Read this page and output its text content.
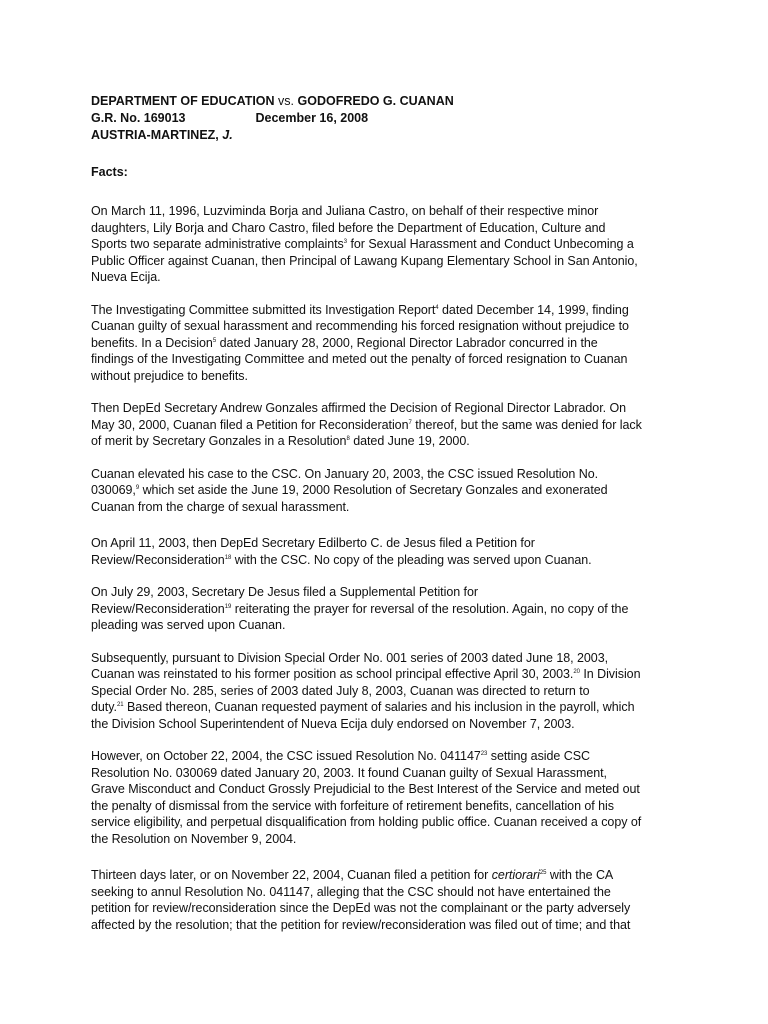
DEPARTMENT OF EDUCATION vs. GODOFREDO G. CUANAN
G.R. No. 169013	December 16, 2008
AUSTRIA-MARTINEZ, J.
Facts:

On March 11, 1996, Luzviminda Borja and Juliana Castro, on behalf of their respective minor
daughters, Lily Borja and Charo Castro, filed before the Department of Education, Culture and
Sports two separate administrative complaints$^3$ for Sexual Harassment and Conduct Unbecoming a
Public Officer against Cuanan, then Principal of Lawang Kupang Elementary School in San Antonio,
Nueva Ecija.

The Investigating Committee submitted its Investigation Report$^4$ dated December 14, 1999, finding
Cuanan guilty of sexual harassment and recommending his forced resignation without prejudice to
benefits. In a Decision$^5$ dated January 28, 2000, Regional Director Labrador concurred in the
findings of the Investigating Committee and meted out the penalty of forced resignation to Cuanan
without prejudice to benefits.

Then DepEd Secretary Andrew Gonzales affirmed the Decision of Regional Director Labrador. On
May 30, 2000, Cuanan filed a Petition for Reconsideration$^7$ thereof, but the same was denied for lack
of merit by Secretary Gonzales in a Resolution$^8$ dated June 19, 2000.

Cuanan elevated his case to the CSC. On January 20, 2003, the CSC issued Resolution No.
030069,$^9$ which set aside the June 19, 2000 Resolution of Secretary Gonzales and exonerated
Cuanan from the charge of sexual harassment.

On April 11, 2003, then DepEd Secretary Edilberto C. de Jesus filed a Petition for
Review/Reconsideration$^{18}$ with the CSC. No copy of the pleading was served upon Cuanan.

On July 29, 2003, Secretary De Jesus filed a Supplemental Petition for
Review/Reconsideration$^{19}$ reiterating the prayer for reversal of the resolution. Again, no copy of the
pleading was served upon Cuanan.

Subsequently, pursuant to Division Special Order No. 001 series of 2003 dated June 18, 2003,
Cuanan was reinstated to his former position as school principal effective April 30, 2003.20 In Division
Special Order No. 285, series of 2003 dated July 8, 2003, Cuanan was directed to return to
duty.$^{21}$ Based thereon, Cuanan requested payment of salaries and his inclusion in the payroll, which
the Division School Superintendent of Nueva Ecija duly endorsed on November 7, 2003.

However, on October 22, 2004, the CSC issued Resolution No. 041147$^{23}$ setting aside CSC
Resolution No. 030069 dated January 20, 2003. It found Cuanan guilty of Sexual Harassment,
Grave Misconduct and Conduct Grossly Prejudicial to the Best Interest of the Service and meted out
the penalty of dismissal from the service with forfeiture of retirement benefits, cancellation of his
service eligibility, and perpetual disqualification from holding public office. Cuanan received a copy of
the Resolution on November 9, 2004.

Thirteen days later, or on November 22, 2004, Cuanan filed a petition for certiorari$^{25}$ with the CA
seeking to annul Resolution No. 041147, alleging that the CSC should not have entertained the
petition for review/reconsideration since the DepEd was not the complainant or the party adversely
affected by the resolution; that the petition for review/reconsideration was filed out of time; and that
